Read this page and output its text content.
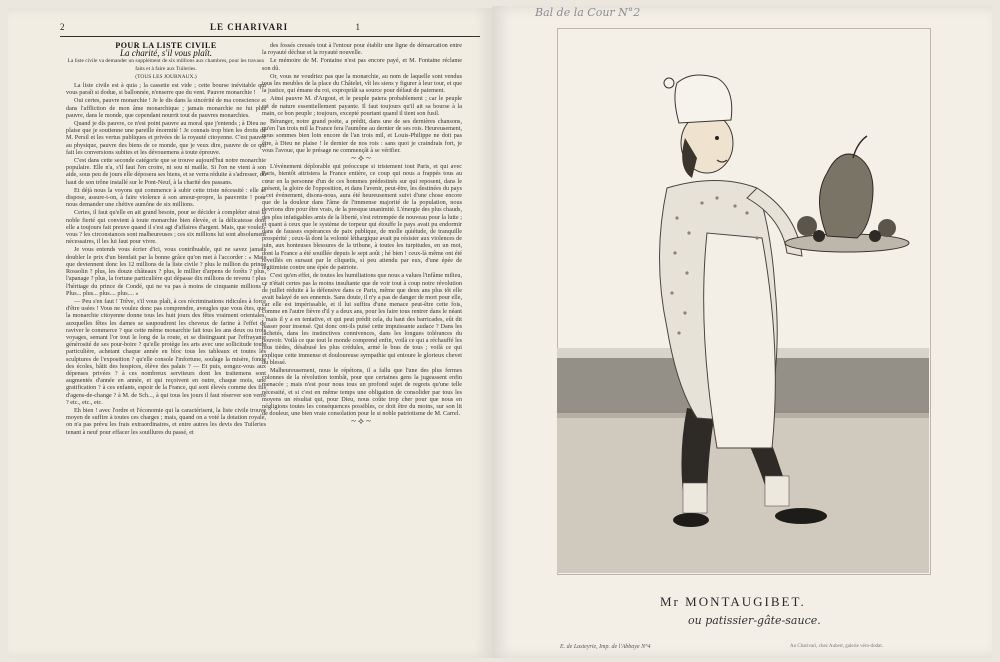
2	LE CHARIVARI	1

POUR LA LISTE CIVILE

La charité, s'il vous plaît.

La liste civile va demander un supplément de six millions aux chambres, pour les travaux faits et à faire aux Tuileries.

(TOUS LES JOURNAUX.)

La liste civile est à quia ; la cassette est vide ; cette bourse inévitable qui vous paraît si dodue, si ballonnée, n'enserre que du vent. Pauvre monarchie !

Oui certes, pauvre monarchie ! Je le dis dans la sincérité de ma conscience et dans l'affliction de mon âme monarchique ; jamais monarchie ne fut plus pauvre, dans le monde, que cependant nourrit tout de pauvres monarchies.

Quand je dis pauvre, ce n'est point pauvre au moral que j'entends ; à Dieu ne plaise que je soutienne une pareille énormité ! Je connais trop bien les droits de M. Persil et les vertus publiques et privées de la royauté citoyenne. C'est pauvre au physique, pauvre des biens de ce monde, que je veux dire, pauvre de ce qui fait les conversions subites et les dévouemens à toute épreuve.

C'est dans cette seconde catégorie que se trouve aujourd'hui notre monarchie populaire. Elle n'a, s'il faut l'en croire, ni sou ni maille. Si l'on ne vient à son aide, sous peu de jours elle déposera ses biens, et se verra réduite à s'adresser, du haut de son trône installé sur le Pont-Neuf, à la charité des passans.

Et déjà nous la voyons qui commence à subir cette triste nécessité : elle se dispose, assure-t-on, à faire violence à son amour-propre, la pauvrette ! pour nous demander une chétive aumône de six millions.

Certes, il faut qu'elle en ait grand besoin, pour se décider à compléter ainsi la noble fierté qui convient à toute monarchie bien élevée, et la délicatesse dont elle a toujours fait preuve quand il s'est agi d'affaires d'argent. Mais, que voulez-vous ? les circonstances sont malheureuses ; ces six millions lui sont absolument nécessaires, il les lui faut pour vivre.

Je vous entends vous écrier d'ici, vous contribuable, qui ne savez jamais doubler le prix d'un bienfait par la bonne grâce qu'on met à l'accorder : « Mais que deviennent donc les 12 millions de la liste civile ? plus le million du prince Rossolin ? plus, les douze châteaux ? plus, le millier d'arpens de forêts ? plus, l'apanage ? plus, la fortune particulière qui dépasse dix millions de revenu ! plus l'héritage du prince de Condé, qui ne va pas à moins de cinquante millions ? Plus... plus... plus.... plus.... »

— Peu s'en faut ! Trêve, s'il vous plaît, à ces récriminations ridicules à force d'être usées ! Vous ne voulez donc pas comprendre, aveugles que vous êtes, que la monarchie citoyenne donne tous les huit jours des fêtes vraiment orientales, auxquelles fêtes les dames se saupoudrent les cheveux de farine à l'effet de raviver le commerce ? que cette même monarchie fait tous les ans deux ou trois voyages, semant l'or tout le long de la route, et se distinguant par l'effrayante générosité de ses pour-boire ? qu'elle protège les arts avec une sollicitude toute particulière, achetant chaque année en bloc tous les tableaux et toutes les sculptures de l'exposition ? qu'elle console l'infortune, soulage la misère, fonde des écoles, bâtit des hospices, élève des palais ? — Et puis, songez-vous aux dépenses privées ? à ces nombreux serviteurs dont les traitemens sont augmentés d'année en année, et qui reçoivent en outre, chaque mois, une gratification ? à ces enfants, espoir de la France, qui sont élevés comme des fils d'agens-de-change ? à M. de Sch..., à qui tous les jours il faut réserver son verre ? etc., etc., etc.

Eh bien ! avec l'ordre et l'économie qui la caractérisent, la liste civile trouve moyen de suffire à toutes ces charges ; mais, quand on a voté la dotation royale, on n'a pas prévu les frais extraordinaires, et entre autres les devis des Tuileries tenant à neuf pour effacer les souillures du passé, et

des fossés creusés tout à l'entour pour établir une ligne de démarcation entre la royauté déchue et la royauté nouvelle.

Le mémoire de M. Fontaine n'est pas encore payé, et M. Fontaine réclame son dû.

Or, vous ne voudriez pas que la monarchie, au nom de laquelle sont vendus tous les meubles de la place du Châtelet, vît les siens y figurer à leur tour, et que la justice, qui émane du roi, expropriât sa source pour défaut de paiement.

Ainsi pauvre M. d'Argout, et le peuple paiera probablement ; car le peuple est de nature essentiellement payante. Il faut toujours qu'il ait sa bourse à la main, ce bon peuple ; toujours, excepté pourtant quand il tient son fusil.

Béranger, notre grand poète, a prédit, dans une de ses dernières chansons, qu'en l'an trois mil la France fera l'aumône au dernier de ses rois. Heureusement, nous sommes bien loin encore de l'an trois mil, et Louis-Philippe ne doit pas être, à Dieu ne plaise ! le dernier de nos rois : sans quoi je craindrais fort, je vous l'avoue, que le présage ne commençât à se vérifier.

~⟡~

L'événement déplorable qui préoccupe si tristement tout Paris, et qui avec Paris, bientôt attristera la France entière, ce coup qui nous a frappés tous au cœur en la personne d'un de ces hommes prédestinés sur qui reposent, dans le présent, la gloire de l'opposition, et dans l'avenir, peut-être, les destinées du pays ; cet événement, disons-nous, aura été heureusement suivi d'une chose encore que de la douleur dans l'âme de l'immense majorité de la population, nous devrions dire pour être vrais, de la presque unanimité. L'énergie des plus chauds, des plus infatigables amis de la liberté, s'est retrempée de nouveau pour la lutte ; et quant à ceux que le système de torpeur qui étouffe le pays avait pu endormir dans de fausses espérances de paix publique, de molle quiétude, de tranquille prospérité ; ceux-là dont la volonté léthargique avait pu résister aux violences de juin, aux honteuses blessures de la tribune, à toutes les turpitudes, en un mot, dont la France a été souillée depuis le sept août ; hé bien ! ceux-là même ont été réveillés en sursaut par le cliquetis, si peu attendu par eux, d'une épée de légitimiste contre une épée de patriote.

C'est qu'en effet, de toutes les humiliations que nous a values l'infâme milieu, ce n'était certes pas la moins insultante que de voir tout à coup notre révolution de juillet réduite à la défensive dans ce Paris, même que deux ans plus tôt elle avait balayé de ses ennemis. Sans doute, il n'y a pas de danger de mort pour elle, car elle est impérissable, et il lui suffira d'une menace peut-être cette fois, comme en l'autre fièvre d'il y a deux ans, pour les faire tous rentrer dans le néant ; mais il y a en tentative, et qui peut prédit cela, du haut des barricades, eût dit passer pour insensé. Qui donc ont-ils puisé cette impuissante audace ? Dans les lâchetés, dans les instinctives connivences, dans les longues tolérances du pouvoir. Voilà ce que tout le monde comprend enfin, voilà ce qui a réchauffé les plus tièdes, désabusé les plus crédules, armé le bras de tous ; voilà ce qui explique cette immense et douloureuse sympathie qui entoure le glorieux chevet du blessé.

Malheureusement, nous le répétons, il a fallu que l'une des plus fermes colonnes de la révolution tombât, pour que certaines gens la jugeassent enfin menacée ; mais n'est pour nous tous un profond sujet de regrets qu'une telle nécessité, et si c'est en même temps une obligation de consolider par tous les moyens un résultat qui, pour Dieu, nous coûte trop cher pour que nous en négligions toutes les conséquences possibles, ce doit être du moins, sur son lit de douleur, une bien vraie consolation pour le si noble patriotisme de M. Carrel.

~⟡~

Bal de la Cour N°2
Mr MONTAUGIBET.
ou patissier-gâte-sauce.
E. de Lasteyrie, Imp. de l'Abbaye N°4	Au Charivari, chez Aubert, galerie véro-dodat.
